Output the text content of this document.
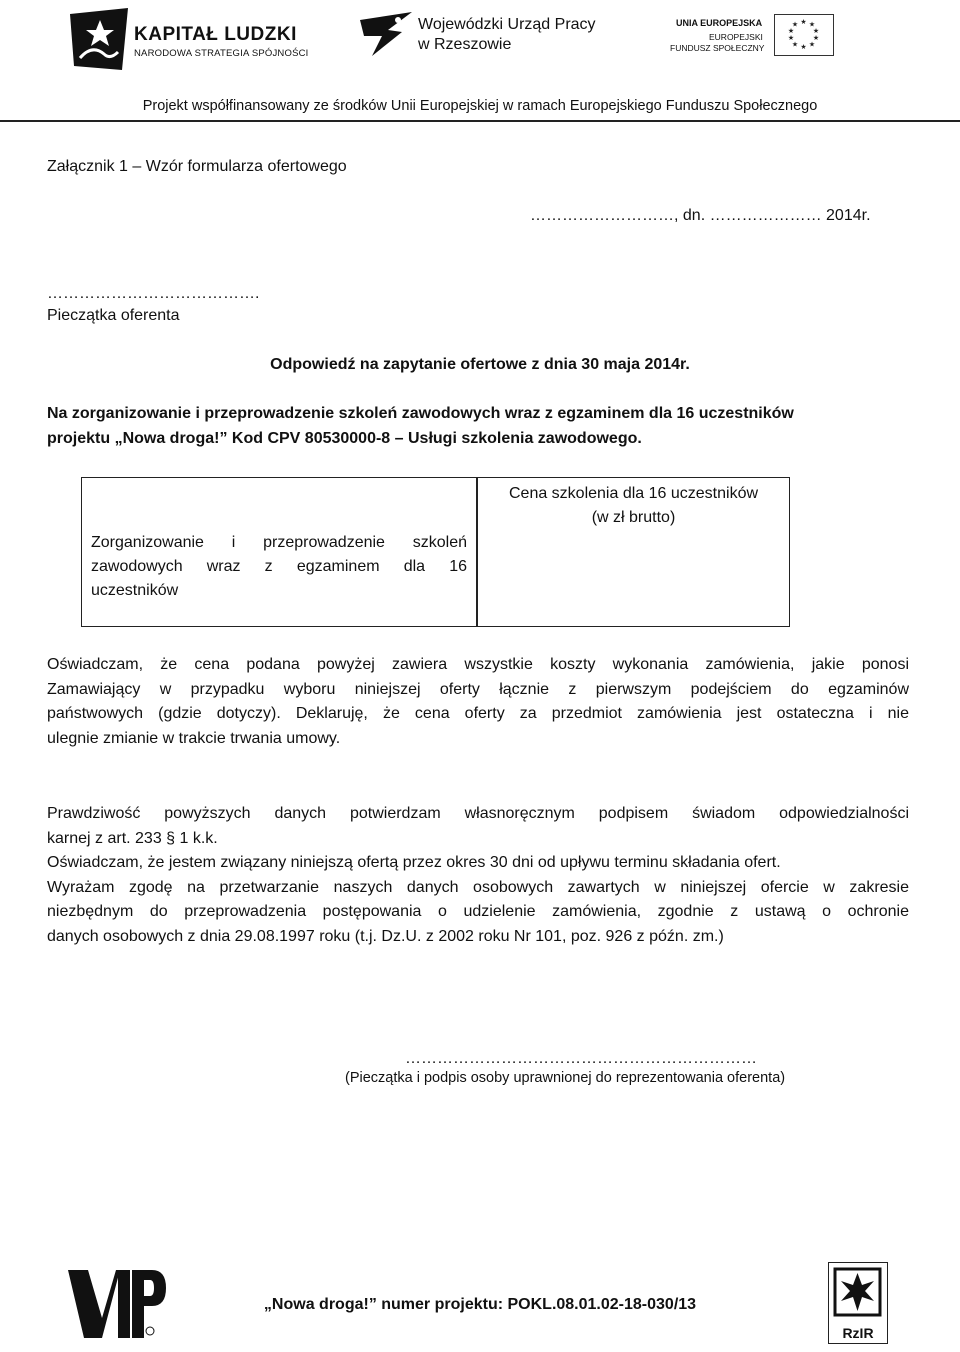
KAPITAŁ LUDZKI
NARODOWA STRATEGIA SPÓJNOŚCI
Wojewódzki Urząd Pracy
w Rzeszowie
UNIA EUROPEJSKA
EUROPEJSKI
FUNDUSZ SPOŁECZNY
★ ★
★
★
★
★
★
★
★
★
Projekt współfinansowany ze środków Unii Europejskiej w ramach Europejskiego Funduszu Społecznego
Załącznik 1 – Wzór formularza ofertowego
………………………, dn. ………………… 2014r.
………………………………….
Pieczątka oferenta
Odpowiedź na zapytanie ofertowe z dnia 30 maja 2014r.
Na zorganizowanie i przeprowadzenie szkoleń zawodowych wraz z egzaminem dla 16 uczestników
projektu „Nowa droga!” Kod CPV 80530000-8 – Usługi szkolenia zawodowego.
Zorganizowanie i przeprowadzenie szkoleń
zawodowych wraz z egzaminem dla 16
uczestników
Cena szkolenia dla 16 uczestników
(w zł brutto)
Oświadczam, że cena podana powyżej zawiera wszystkie koszty wykonania zamówienia, jakie ponosi
Zamawiający w przypadku wyboru niniejszej oferty łącznie z pierwszym podejściem do egzaminów
państwowych (gdzie dotyczy). Deklaruję, że cena oferty za przedmiot zamówienia jest ostateczna i nie
ulegnie zmianie w trakcie trwania umowy.
Prawdziwość powyższych danych potwierdzam własnoręcznym podpisem świadom odpowiedzialności
karnej z art. 233 § 1 k.k.
Oświadczam, że jestem związany niniejszą ofertą przez okres 30 dni od upływu terminu składania ofert.
Wyrażam zgodę na przetwarzanie naszych danych osobowych zawartych w niniejszej ofercie w zakresie
niezbędnym do przeprowadzenia postępowania o udzielenie zamówienia, zgodnie z ustawą o ochronie
danych osobowych z dnia 29.08.1997 roku (t.j. Dz.U. z 2002 roku Nr 101, poz. 926 z późn. zm.)
…………………………………………………………
(Pieczątka i podpis osoby uprawnionej do reprezentowania oferenta)
„Nowa droga!” numer projektu: POKL.08.01.02-18-030/13
RzIR
